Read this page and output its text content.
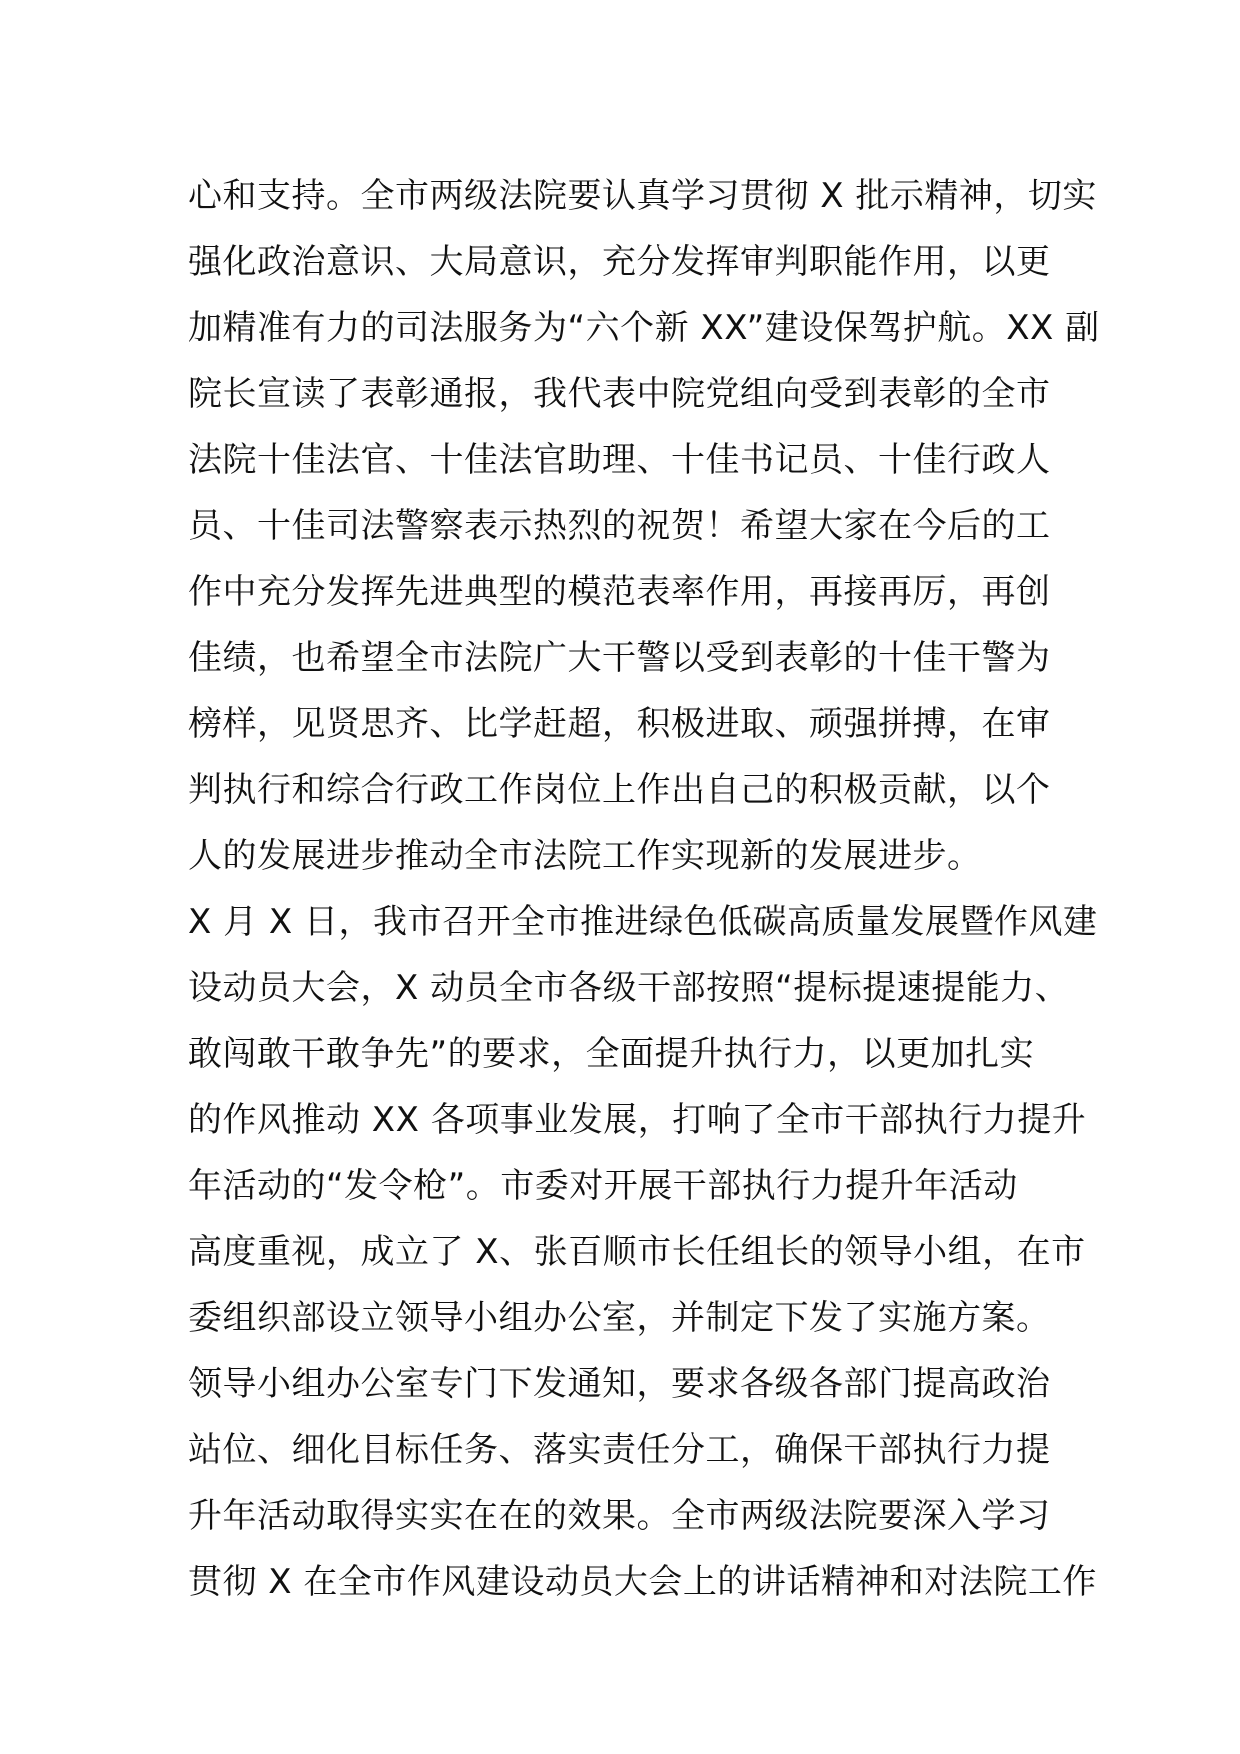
心和支持。全市两级法院要认真学习贯彻 X 批示精神，切实
强化政治意识、大局意识，充分发挥审判职能作用，以更
加精准有力的司法服务为“六个新 XX”建设保驾护航。XX 副
院长宣读了表彰通报，我代表中院党组向受到表彰的全市
法院十佳法官、十佳法官助理、十佳书记员、十佳行政人
员、十佳司法警察表示热烈的祝贺！希望大家在今后的工
作中充分发挥先进典型的模范表率作用，再接再厉，再创
佳绩，也希望全市法院广大干警以受到表彰的十佳干警为
榜样，见贤思齐、比学赶超，积极进取、顽强拼搏，在审
判执行和综合行政工作岗位上作出自己的积极贡献，以个
人的发展进步推动全市法院工作实现新的发展进步。
X 月 X 日，我市召开全市推进绿色低碳高质量发展暨作风建
设动员大会，X 动员全市各级干部按照“提标提速提能力、
敢闯敢干敢争先”的要求，全面提升执行力，以更加扎实
的作风推动 XX 各项事业发展，打响了全市干部执行力提升
年活动的“发令枪”。市委对开展干部执行力提升年活动
高度重视，成立了 X、张百顺市长任组长的领导小组，在市
委组织部设立领导小组办公室，并制定下发了实施方案。
领导小组办公室专门下发通知，要求各级各部门提高政治
站位、细化目标任务、落实责任分工，确保干部执行力提
升年活动取得实实在在的效果。全市两级法院要深入学习
贯彻 X 在全市作风建设动员大会上的讲话精神和对法院工作
